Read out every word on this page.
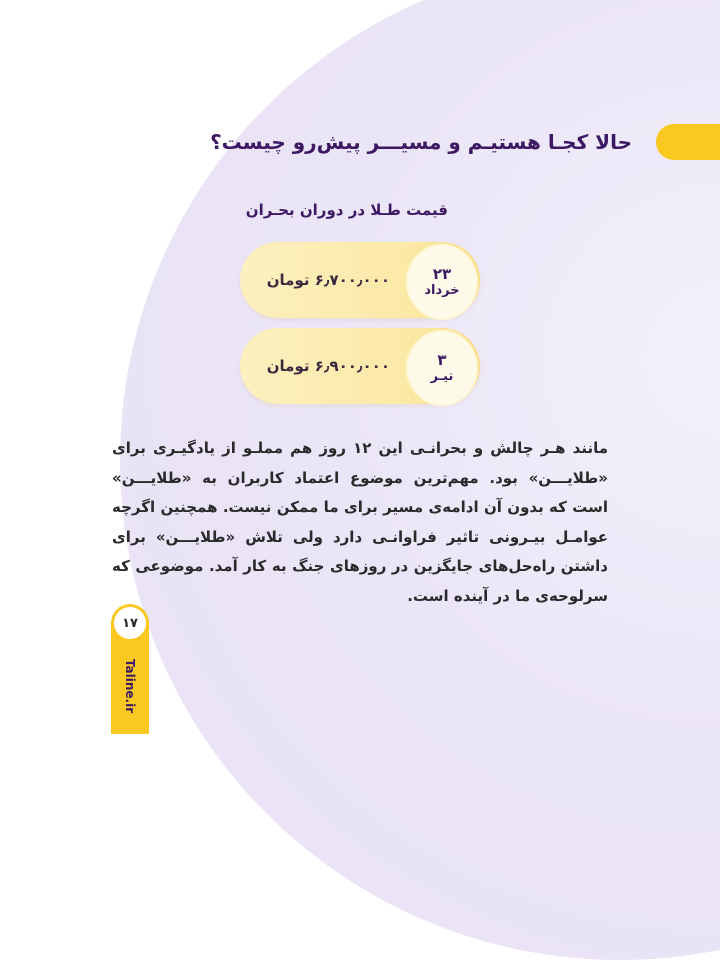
حالا کجـا هستیـم و مسیـــر پیش‌رو چیست؟
قیمت طـلا در دوران بحـران
۲۳
خرداد
۶٫۷۰۰٫۰۰۰ تومان
۳
تیـر
۶٫۹۰۰٫۰۰۰ تومان
مانند هـر چالش و بحرانـی این ۱۲ روز هم مملـو از یادگیـری برای «طلایـــن» بود. مهم‌ترین موضوع اعتماد کاربران به «طلایـــن» است که بدون آن ادامه‌ی مسیر برای ما ممکن نیست. همچنین اگرچه عوامـل بیـرونی تاثیر فراوانـی دارد ولی تلاش «طلایـــن» برای داشتن راه‌حل‌های جایگزین در روزهای جنگ به کار آمد. موضوعی که سرلوحه‌ی ما در آینده است.
۱۷
Taline.ir
